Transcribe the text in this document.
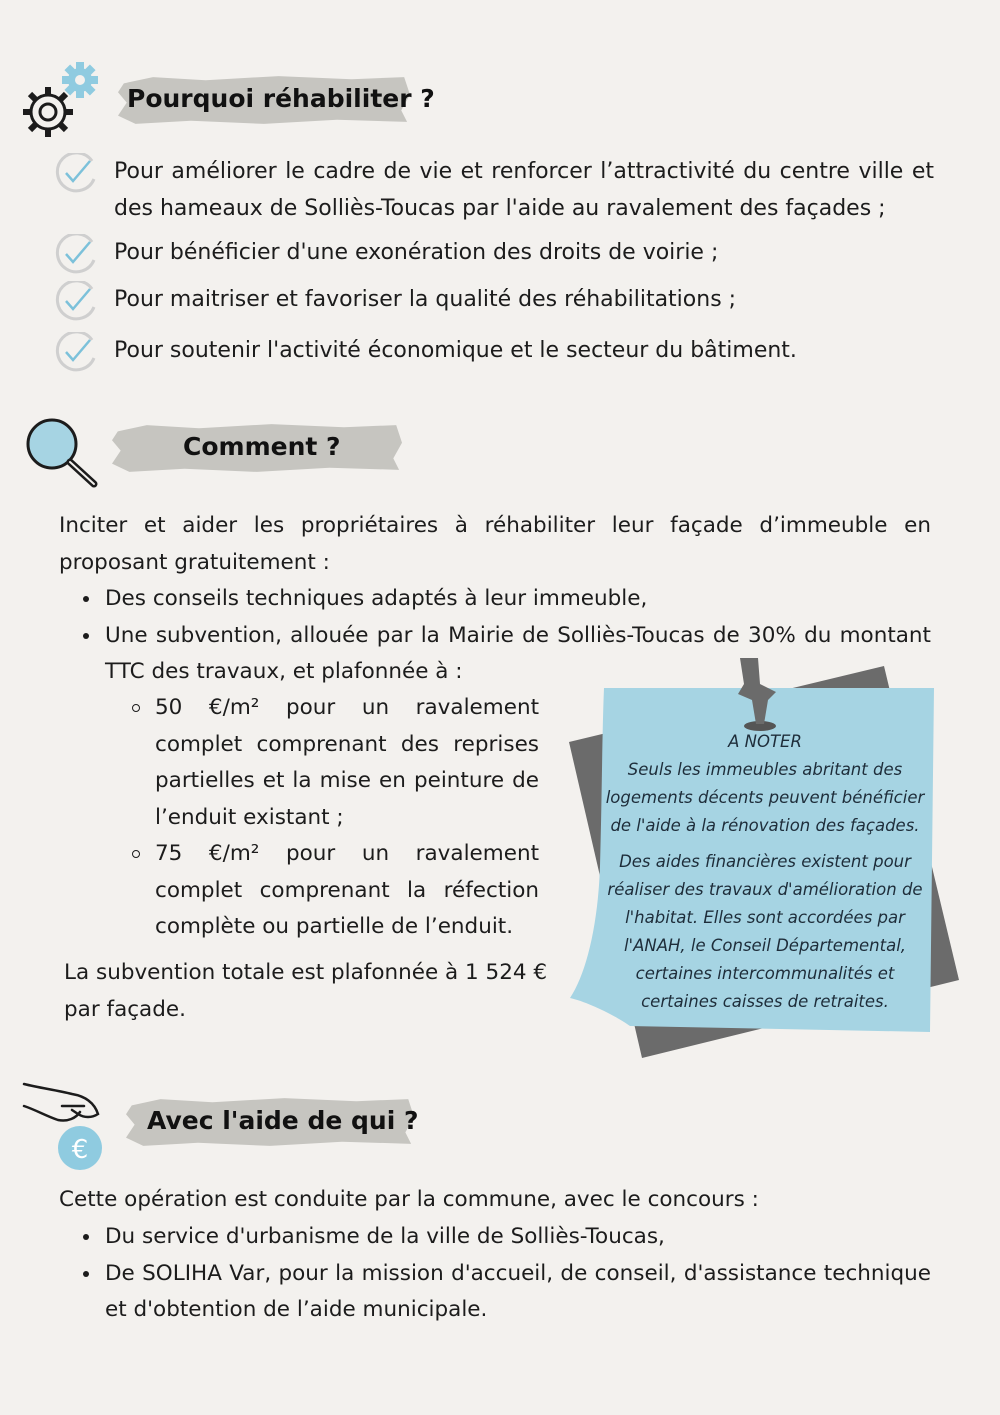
Pourquoi réhabiliter ?
Pour améliorer le cadre de vie et renforcer l’attractivité du centre ville et des hameaux de Solliès-Toucas par l'aide au ravalement des façades ;
Pour bénéficier d'une exonération des droits de voirie ;
Pour maitriser et favoriser la qualité des réhabilitations ;
Pour soutenir l'activité économique et le secteur du bâtiment.
Comment ?
Inciter et aider les propriétaires à réhabiliter leur façade d’immeuble en proposant gratuitement :
Des conseils techniques adaptés à leur immeuble,
Une subvention, allouée par la Mairie de Solliès-Toucas de 30% du montant TTC des travaux, et plafonnée à :
50 €/m² pour un ravalement complet comprenant des reprises partielles et la mise en peinture de l’enduit existant ;
75 €/m² pour un ravalement complet comprenant la réfection complète ou partielle de l’enduit.
La subvention totale est plafonnée à 1 524 € par façade.
A NOTER
Seuls les immeubles abritant des logements décents peuvent bénéficier de l'aide à la rénovation des façades.
Des aides financières existent pour réaliser des travaux d'amélioration de l'habitat. Elles sont accordées par l'ANAH, le Conseil Départemental, certaines intercommunalités et certaines caisses de retraites.
€
Avec l'aide de qui ?
Cette opération est conduite par la commune, avec le concours :
Du service d'urbanisme de la ville de Solliès-Toucas,
De SOLIHA Var, pour la mission d'accueil, de conseil, d'assistance technique et d'obtention de l’aide municipale.
